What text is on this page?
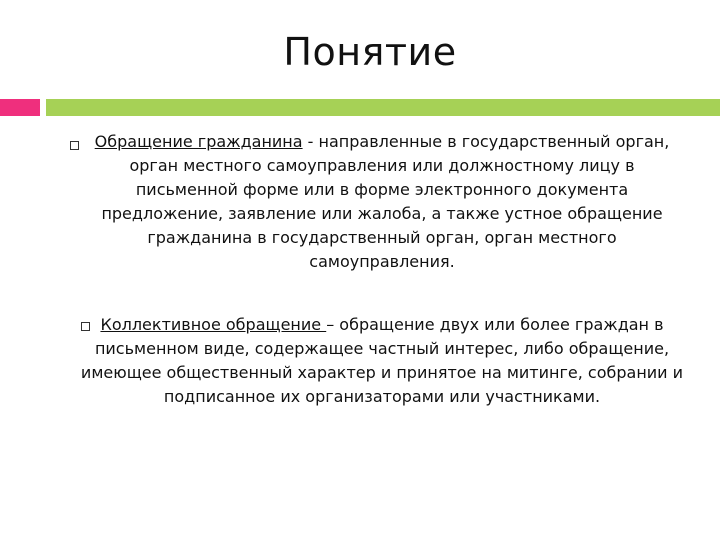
Понятие

Обращение гражданина - направленные в государственный орган, орган местного самоуправления или должностному лицу в письменной форме или в форме электронного документа предложение, заявление или жалоба, а также устное обращение гражданина в государственный орган, орган местного самоуправления.

Коллективное обращение – обращение двух или более граждан в письменном виде, содержащее частный интерес, либо обращение, имеющее общественный характер и принятое на митинге, собрании и подписанное их организаторами или участниками.
